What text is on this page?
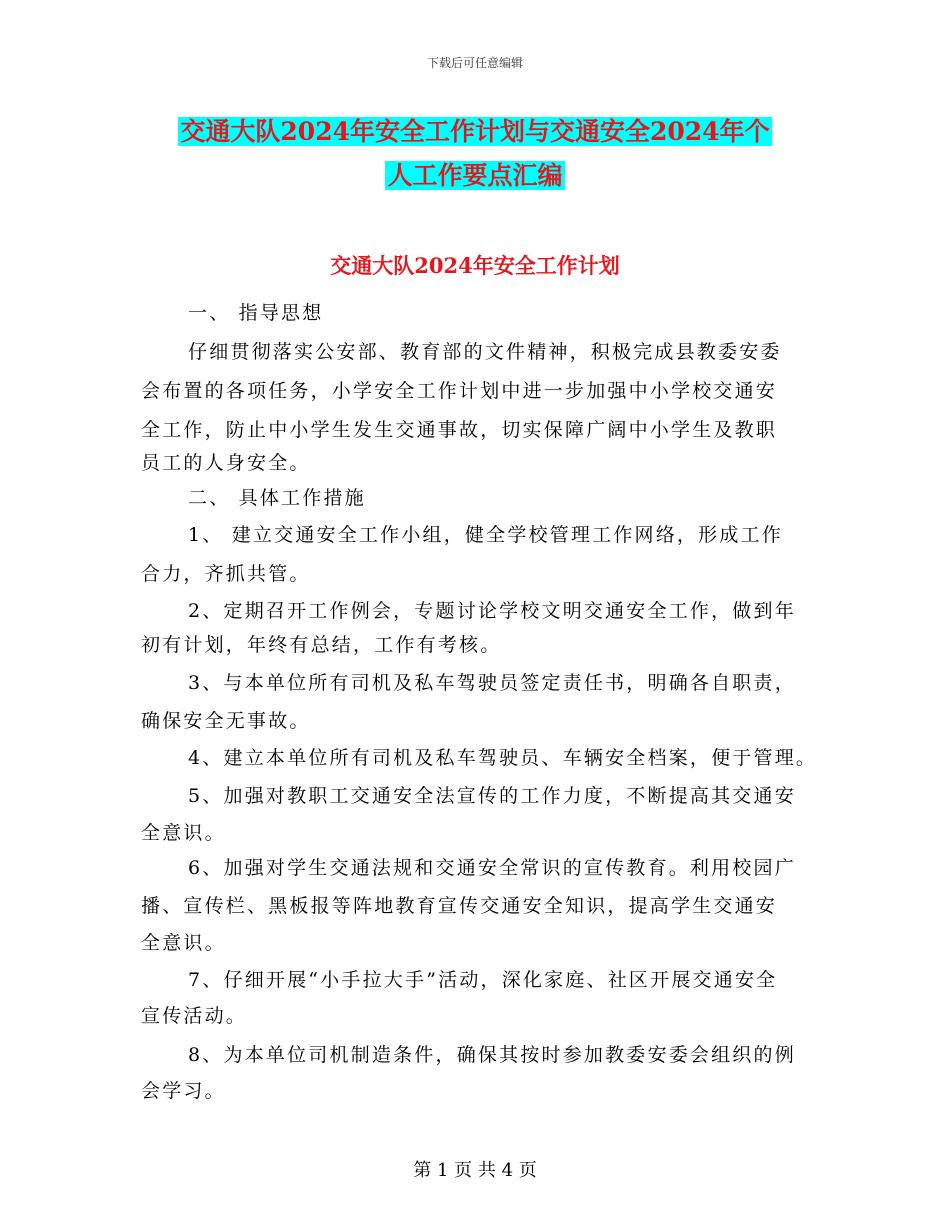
下载后可任意编辑
交通大队2024年安全工作计划与交通安全2024年个
人工作要点汇编
交通大队2024年安全工作计划
一、 指导思想
仔细贯彻落实公安部、教育部的文件精神，积极完成县教委安委
会布置的各项任务，小学安全工作计划中进一步加强中小学校交通安
全工作，防止中小学生发生交通事故，切实保障广阔中小学生及教职
员工的人身安全。
二、 具体工作措施
1、 建立交通安全工作小组，健全学校管理工作网络，形成工作
合力，齐抓共管。
2、定期召开工作例会，专题讨论学校文明交通安全工作，做到年
初有计划，年终有总结，工作有考核。
3、与本单位所有司机及私车驾驶员签定责任书，明确各自职责，
确保安全无事故。
4、建立本单位所有司机及私车驾驶员、车辆安全档案，便于管理。
5、加强对教职工交通安全法宣传的工作力度，不断提高其交通安
全意识。
6、加强对学生交通法规和交通安全常识的宣传教育。利用校园广
播、宣传栏、黑板报等阵地教育宣传交通安全知识，提高学生交通安
全意识。
7、仔细开展“小手拉大手”活动，深化家庭、社区开展交通安全
宣传活动。
8、为本单位司机制造条件，确保其按时参加教委安委会组织的例
会学习。
第 1 页 共 4 页
